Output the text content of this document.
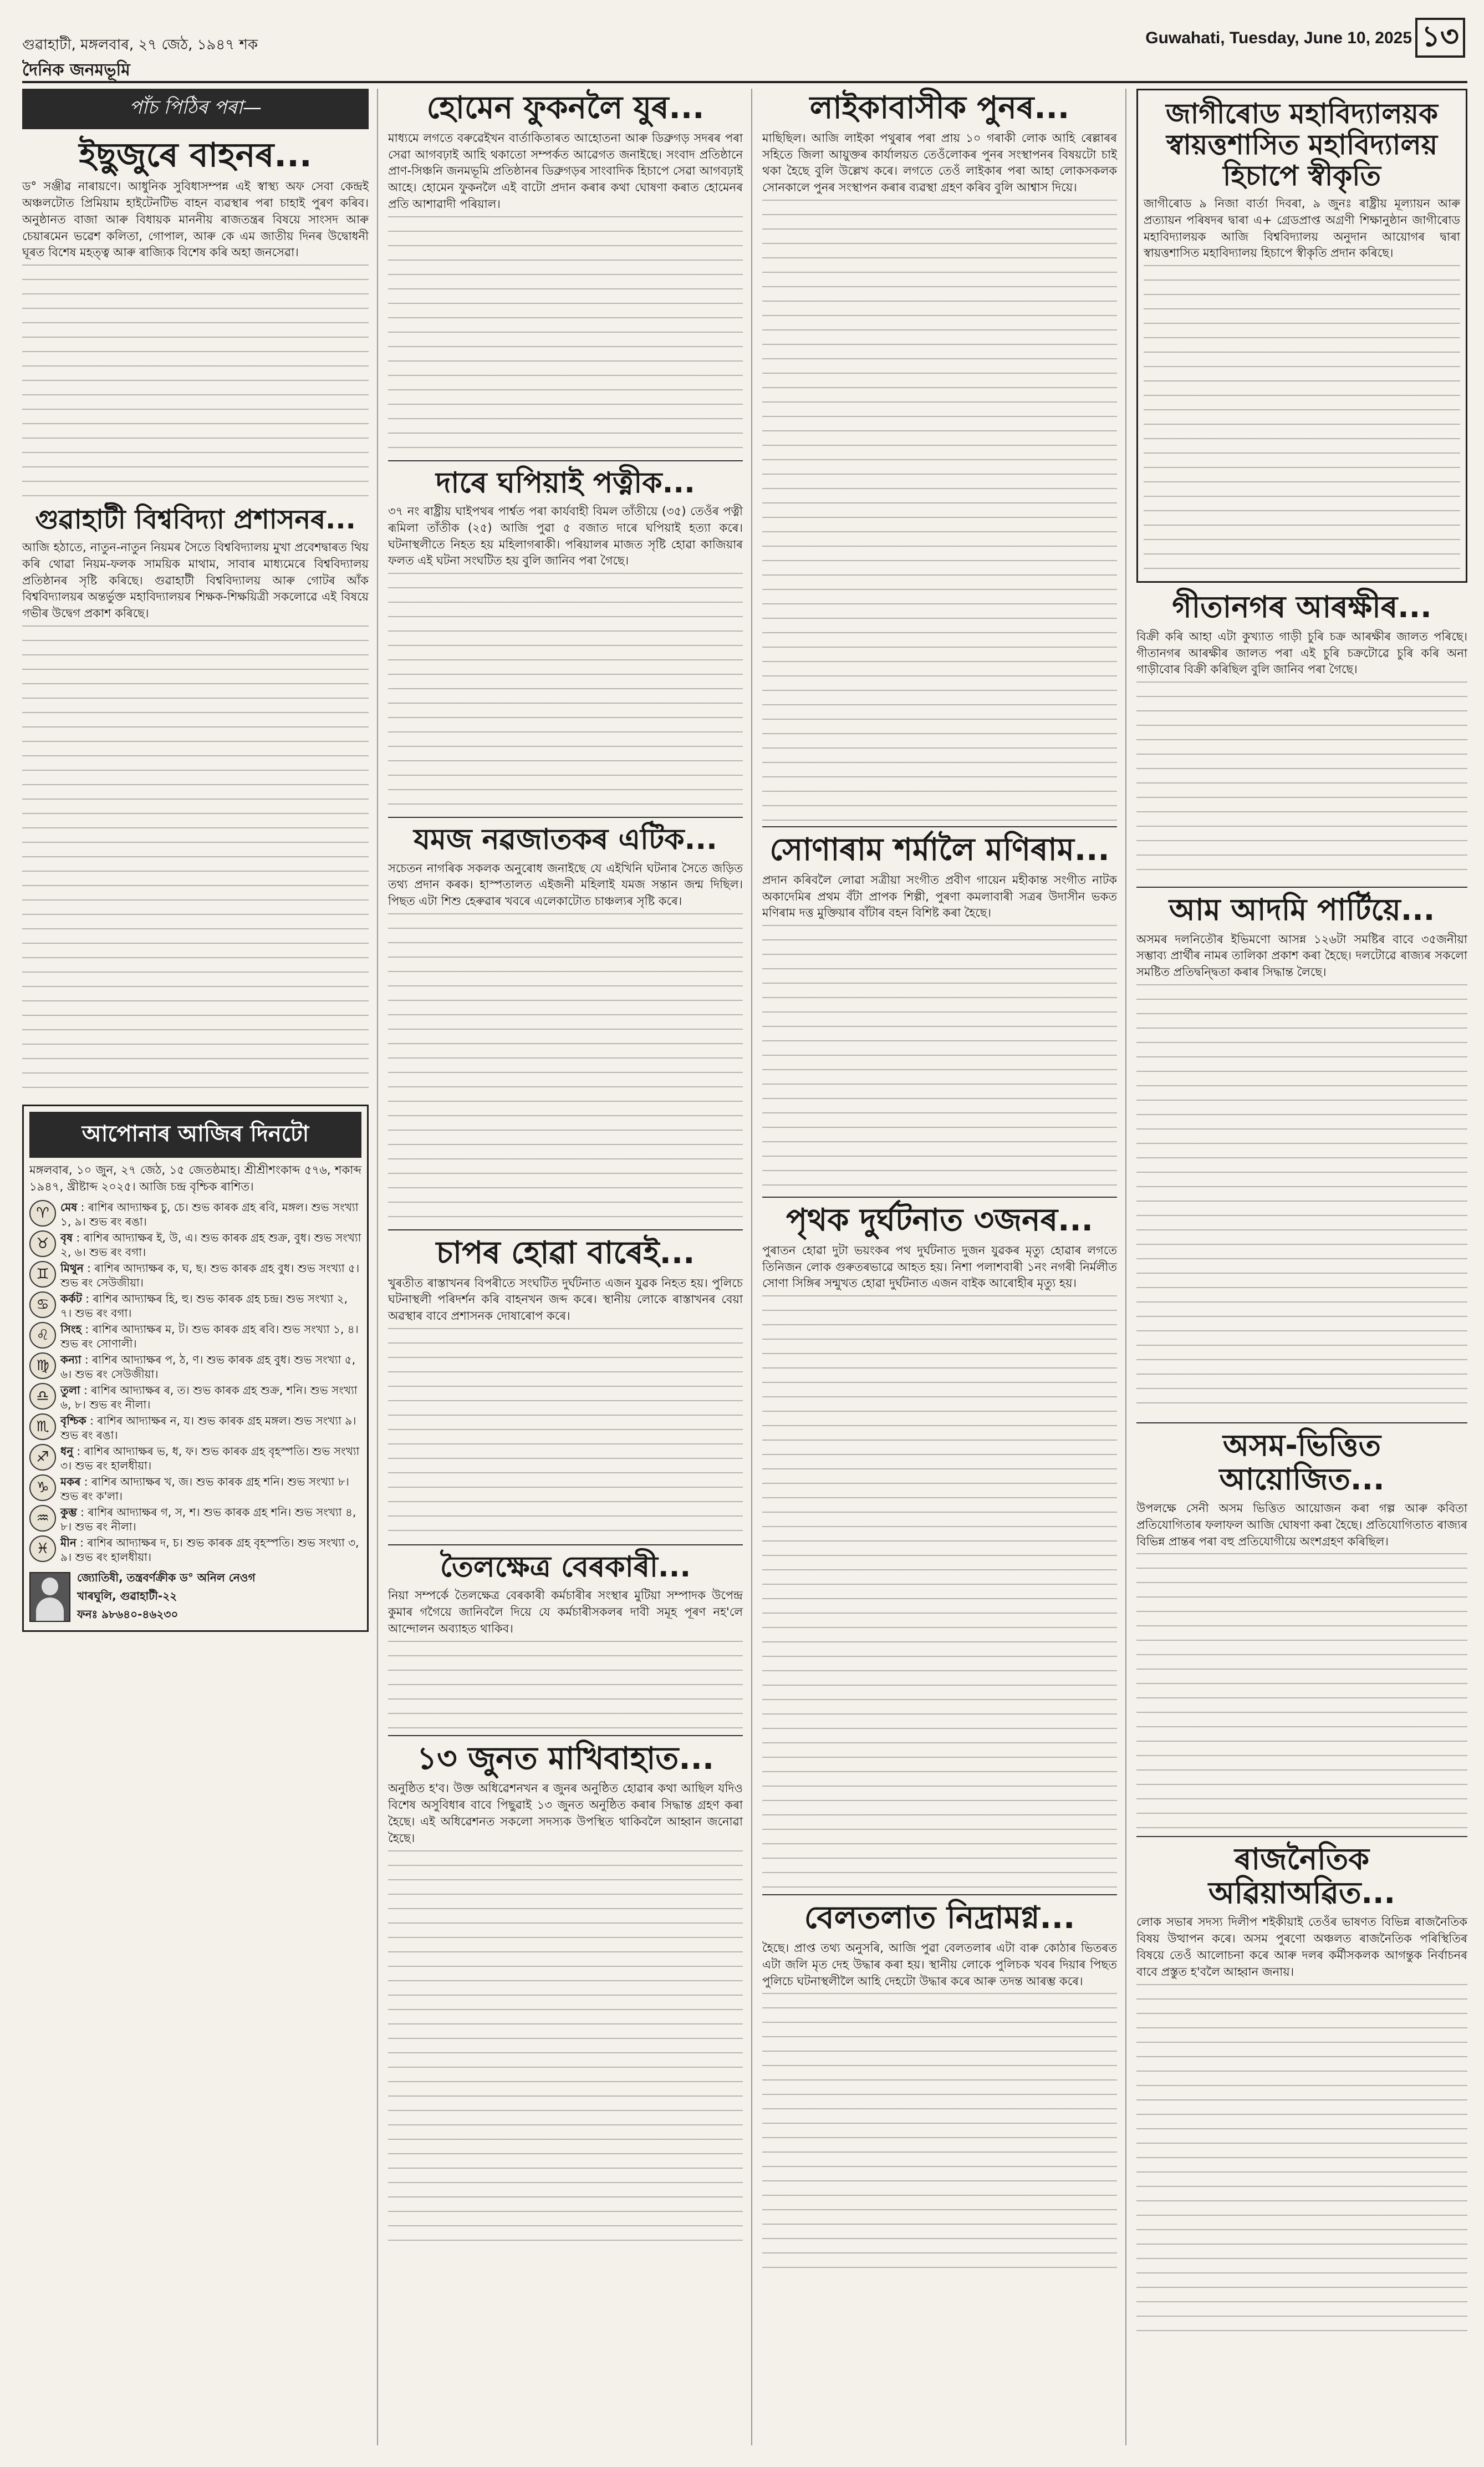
গুৱাহাটী, মঙ্গলবাৰ, ২৭ জেঠ, ১৯৪৭ শক
দৈনিক জনমভূমি
Guwahati, Tuesday, June 10, 2025 ১৩
পাঁচ পিঠিৰ পৰা—
ইছুজুৰে বাহনৰ...
ড° সঞ্জীৱ নাৰায়ণে। আধুনিক সুবিধাসম্পন্ন এই স্বাস্থ্য অফ সেবা কেন্দ্ৰই অঞ্চলটোত প্ৰিমিয়াম হাইটেনটিভ বাহন ব্যৱস্থাৰ পৰা চাহাই পুৰণ কৰিব। অনুষ্ঠানত বাজা আৰু বিধায়ক মাননীয় ৰাজতন্ত্ৰৰ বিষয়ে সাংসদ আৰু চেয়াৰমেন ভৱেশ কলিতা, গোপাল, আৰু কে এম জাতীয় দিনৰ উদ্বোধনী ঘূৰত বিশেষ মহত্ত্ব আৰু ৰাজ্যিক বিশেষ কৰি অহা জনসেৱা।
গুৱাহাটী বিশ্ববিদ্যা প্ৰশাসনৰ...
আজি হঠাতে, নাতুন-নাতুন নিয়মৰ সৈতে বিশ্ববিদ্যালয় মুখা প্ৰবেশদ্বাৰত থিয় কৰি থোৱা নিয়ম-ফলক সাময়িক মাথাম, সাবাৰ মাধ্যমেৰে বিশ্ববিদ্যালয় প্ৰতিষ্ঠানৰ সৃষ্টি কৰিছে। গুৱাহাটী বিশ্ববিদ্যালয় আৰু গোটৰ আঁক বিশ্ববিদ্যালয়ৰ অন্তৰ্ভুক্ত মহাবিদ্যালয়ৰ শিক্ষক-শিক্ষয়িত্ৰী সকলোৱে এই বিষয়ে গভীৰ উদ্বেগ প্ৰকাশ কৰিছে।
আপোনাৰ আজিৰ দিনটো
মঙ্গলবাৰ, ১০ জুন, ২৭ জেঠ, ১৫ জেতষ্ঠমাহ। শ্ৰীশ্ৰীশংকাব্দ ৫৭৬, শকাব্দ ১৯৪৭, খ্ৰীষ্টাব্দ ২০২৫। আজি চন্দ্ৰ বৃশ্চিক ৰাশিত।
♈	মেষ : ৰাশিৰ আদ্যাক্ষৰ চু, চে। শুভ কাৰক গ্ৰহ ৰবি, মঙ্গল। শুভ সংখ্যা ১, ৯। শুভ ৰং ৰঙা।
♉	বৃষ : ৰাশিৰ আদ্যাক্ষৰ ই, উ, এ। শুভ কাৰক গ্ৰহ শুক্ৰ, বুধ। শুভ সংখ্যা ২, ৬। শুভ ৰং বগা।
♊	মিথুন : ৰাশিৰ আদ্যাক্ষৰ ক, ঘ, ছ। শুভ কাৰক গ্ৰহ বুধ। শুভ সংখ্যা ৫। শুভ ৰং সেউজীয়া।
♋	কৰ্কট : ৰাশিৰ আদ্যাক্ষৰ হি, হু। শুভ কাৰক গ্ৰহ চন্দ্ৰ। শুভ সংখ্যা ২, ৭। শুভ ৰং বগা।
♌	সিংহ : ৰাশিৰ আদ্যাক্ষৰ ম, ট। শুভ কাৰক গ্ৰহ ৰবি। শুভ সংখ্যা ১, ৪। শুভ ৰং সোণালী।
♍	কন্যা : ৰাশিৰ আদ্যাক্ষৰ প, ঠ, ণ। শুভ কাৰক গ্ৰহ বুধ। শুভ সংখ্যা ৫, ৬। শুভ ৰং সেউজীয়া।
♎	তুলা : ৰাশিৰ আদ্যাক্ষৰ ৰ, ত। শুভ কাৰক গ্ৰহ শুক্ৰ, শনি। শুভ সংখ্যা ৬, ৮। শুভ ৰং নীলা।
♏	বৃশ্চিক : ৰাশিৰ আদ্যাক্ষৰ ন, য। শুভ কাৰক গ্ৰহ মঙ্গল। শুভ সংখ্যা ৯। শুভ ৰং ৰঙা।
♐	ধনু : ৰাশিৰ আদ্যাক্ষৰ ভ, ধ, ফ। শুভ কাৰক গ্ৰহ বৃহস্পতি। শুভ সংখ্যা ৩। শুভ ৰং হালধীয়া।
♑	মকৰ : ৰাশিৰ আদ্যাক্ষৰ খ, জ। শুভ কাৰক গ্ৰহ শনি। শুভ সংখ্যা ৮। শুভ ৰং ক'লা।
♒	কুম্ভ : ৰাশিৰ আদ্যাক্ষৰ গ, স, শ। শুভ কাৰক গ্ৰহ শনি। শুভ সংখ্যা ৪, ৮। শুভ ৰং নীলা।
♓	মীন : ৰাশিৰ আদ্যাক্ষৰ দ, চ। শুভ কাৰক গ্ৰহ বৃহস্পতি। শুভ সংখ্যা ৩, ৯। শুভ ৰং হালধীয়া।
জ্যোতিষী, তন্ত্ৰবৰ্ণক্ৰীক ড° অনিল নেওগ
খাৰঘুলি, গুৱাহাটী-২২
ফনঃ ৯৮৬৪০-৪৬২৩০
হোমেন ফুকনলৈ যুৰ...
মাধ্যমে লগতে বৰুৱেইখন বাৰ্তাকিতাৰত আহোতনা আৰু ডিব্ৰুগড় সদৰৰ পৰা সেৱা আগবঢ়াই আহি থকাতো সম্পৰ্কত আৱেগত জনাইছে। সংবাদ প্ৰতিষ্ঠানে প্ৰাণ-সিঞ্চনি জনমভূমি প্ৰতিষ্ঠানৰ ডিব্ৰুগড়ৰ সাংবাদিক হিচাপে সেৱা আগবঢ়াই আহে। হোমেন ফুকনলৈ এই বাটো প্ৰদান কৰাৰ কথা ঘোষণা কৰাত হোমেনৰ প্ৰতি আশাৱাদী পৰিয়াল।
দাৰে ঘপিয়াই পত্নীক...
৩৭ নং ৰাষ্ট্ৰীয় ঘাইপথৰ পাৰ্শ্বত পৰা কাৰ্যবাহী বিমল তাঁতীয়ে (৩৫) তেওঁৰ পত্নী ৰূমিলা তাঁতীক (২৫) আজি পুৱা ৫ বজাত দাৰে ঘপিয়াই হত্যা কৰে। ঘটনাস্থলীতে নিহত হয় মহিলাগৰাকী। পৰিয়ালৰ মাজত সৃষ্টি হোৱা কাজিয়াৰ ফলত এই ঘটনা সংঘটিত হয় বুলি জানিব পৰা গৈছে।
যমজ নৱজাতকৰ এটিক...
সচেতন নাগৰিক সকলক অনুৰোধ জনাইছে যে এইখিনি ঘটনাৰ সৈতে জড়িত তথ্য প্ৰদান কৰক। হাস্পতালত এইজনী মহিলাই যমজ সন্তান জন্ম দিছিল। পিছত এটা শিশু হেৰুৱাৰ খবৰে এলেকাটোত চাঞ্চল্যৰ সৃষ্টি কৰে।
চাপৰ হোৱা বাৰেই...
খুৰতীত ৰাস্তাখনৰ বিপৰীতে সংঘটিত দুৰ্ঘটনাত এজন যুৱক নিহত হয়। পুলিচে ঘটনাস্থলী পৰিদৰ্শন কৰি বাহনখন জব্দ কৰে। স্থানীয় লোকে ৰাস্তাখনৰ বেয়া অৱস্থাৰ বাবে প্ৰশাসনক দোষাৰোপ কৰে।
তৈলক্ষেত্ৰ বেৰকাৰী...
নিয়া সম্পৰ্কে তৈলক্ষেত্ৰ বেৰকাৰী কৰ্মচাৰীৰ সংস্থাৰ মুটিয়া সম্পাদক উপেন্দ্ৰ কুমাৰ গগৈয়ে জানিবলৈ দিয়ে যে কৰ্মচাৰীসকলৰ দাবী সমূহ পূৰণ নহ'লে আন্দোলন অব্যাহত থাকিব।
১৩ জুনত মাখিবাহাত...
অনুষ্ঠিত হ'ব। উক্ত অধিৱেশনখন ৰ জুনৰ অনুষ্ঠিত হোৱাৰ কথা আছিল যদিও বিশেষ অসুবিধাৰ বাবে পিছুৱাই ১৩ জুনত অনুষ্ঠিত কৰাৰ সিদ্ধান্ত গ্ৰহণ কৰা হৈছে। এই অধিৱেশনত সকলো সদস্যক উপস্থিত থাকিবলৈ আহ্বান জনোৱা হৈছে।
লাইকাবাসীক পুনৰ...
মাছিছিল। আজি লাইকা পথুৰাৰ পৰা প্ৰায় ১০ গৰাকী লোক আহি ৰেল্লাৰৰ সহিতে জিলা আয়ুক্তৰ কাৰ্যালয়ত তেওঁলোকৰ পুনৰ সংস্থাপনৰ বিষয়টো চাই থকা হৈছে বুলি উল্লেখ কৰে। লগতে তেওঁ লাইকাৰ পৰা আহা লোকসকলক সোনকালে পুনৰ সংস্থাপন কৰাৰ ব্যৱস্থা গ্ৰহণ কৰিব বুলি আশ্বাস দিয়ে।
সোণাৰাম শৰ্মালৈ মণিৰাম...
প্ৰদান কৰিবলৈ লোৱা সত্ৰীয়া সংগীত প্ৰবীণ গায়েন মহীকান্ত সংগীত নাটক অকাদেমিৰ প্ৰথম বঁটা প্ৰাপক শিল্পী, পুৰণা কমলাবাৰী সত্ৰৰ উদাসীন ভকত মণিৰাম দত্ত মুক্তিয়াৰ বাঁটাৰ বহন বিশিষ্ট কৰা হৈছে।
পৃথক দুৰ্ঘটনাত ৩জনৰ...
পুৰাতন হোৱা দুটা ভয়ংকৰ পথ দুৰ্ঘটনাত দুজন যুৱকৰ মৃত্যু হোৱাৰ লগতে তিনিজন লোক গুৰুতৰভাৱে আহত হয়। নিশা পলাশবাৰী ১নং নগৰী নিৰ্মলীত সোণা সিঙ্গিৰ সন্মুখত হোৱা দুৰ্ঘটনাত এজন বাইক আৰোহীৰ মৃত্যু হয়।
বেলতলাত নিদ্ৰামগ্ন...
হৈছে। প্ৰাপ্ত তথ্য অনুসৰি, আজি পুৱা বেলতলাৰ এটা বাৰু কোঠাৰ ভিতৰত এটা জলি মৃত দেহ উদ্ধাৰ কৰা হয়। স্থানীয় লোকে পুলিচক খবৰ দিয়াৰ পিছত পুলিচে ঘটনাস্থলীলৈ আহি দেহটো উদ্ধাৰ কৰে আৰু তদন্ত আৰম্ভ কৰে।
জাগীৰোড মহাবিদ্যালয়ক স্বায়ত্তশাসিত মহাবিদ্যালয় হিচাপে স্বীকৃতি
জাগীৰোড ৯ নিজা বাৰ্তা দিবৰা, ৯ জুনঃ ৰাষ্ট্ৰীয় মূল্যায়ন আৰু প্ৰত্যায়ন পৰিষদৰ দ্বাৰা এ+ গ্ৰেডপ্ৰাপ্ত অগ্ৰণী শিক্ষানুষ্ঠান জাগীৰোড মহাবিদ্যালয়ক আজি বিশ্ববিদ্যালয় অনুদান আয়োগৰ দ্বাৰা স্বায়ত্তশাসিত মহাবিদ্যালয় হিচাপে স্বীকৃতি প্ৰদান কৰিছে।
গীতানগৰ আৰক্ষীৰ...
বিক্ৰী কৰি আহা এটা কুখ্যাত গাড়ী চুৰি চক্ৰ আৰক্ষীৰ জালত পৰিছে। গীতানগৰ আৰক্ষীৰ জালত পৰা এই চুৰি চক্ৰটোৱে চুৰি কৰি অনা গাড়ীবোৰ বিক্ৰী কৰিছিল বুলি জানিব পৰা গৈছে।
আম আদমি পাৰ্টিয়ে...
অসমৰ দলনিতৌৰ ইভিমণো আসন্ন ১২৬টা সমষ্টিৰ বাবে ৩৫জনীয়া সম্ভাব্য প্ৰাৰ্থীৰ নামৰ তালিকা প্ৰকাশ কৰা হৈছে। দলটোৱে ৰাজ্যৰ সকলো সমষ্টিত প্ৰতিদ্বন্দ্বিতা কৰাৰ সিদ্ধান্ত লৈছে।
অসম-ভিত্তিত আয়োজিত...
উপলক্ষে সেনী অসম ভিত্তিত আয়োজন কৰা গল্প আৰু কবিতা প্ৰতিযোগিতাৰ ফলাফল আজি ঘোষণা কৰা হৈছে। প্ৰতিযোগিতাত ৰাজ্যৰ বিভিন্ন প্ৰান্তৰ পৰা বহু প্ৰতিযোগীয়ে অংশগ্ৰহণ কৰিছিল।
ৰাজনৈতিক অৱিয়াঅৱিত...
লোক সভাৰ সদস্য দিলীপ শইকীয়াই তেওঁৰ ভাষণত বিভিন্ন ৰাজনৈতিক বিষয় উত্থাপন কৰে। অসম পুৰণো অঞ্চলত ৰাজনৈতিক পৰিস্থিতিৰ বিষয়ে তেওঁ আলোচনা কৰে আৰু দলৰ কৰ্মীসকলক আগন্তুক নিৰ্বাচনৰ বাবে প্ৰস্তুত হ'বলৈ আহ্বান জনায়।
